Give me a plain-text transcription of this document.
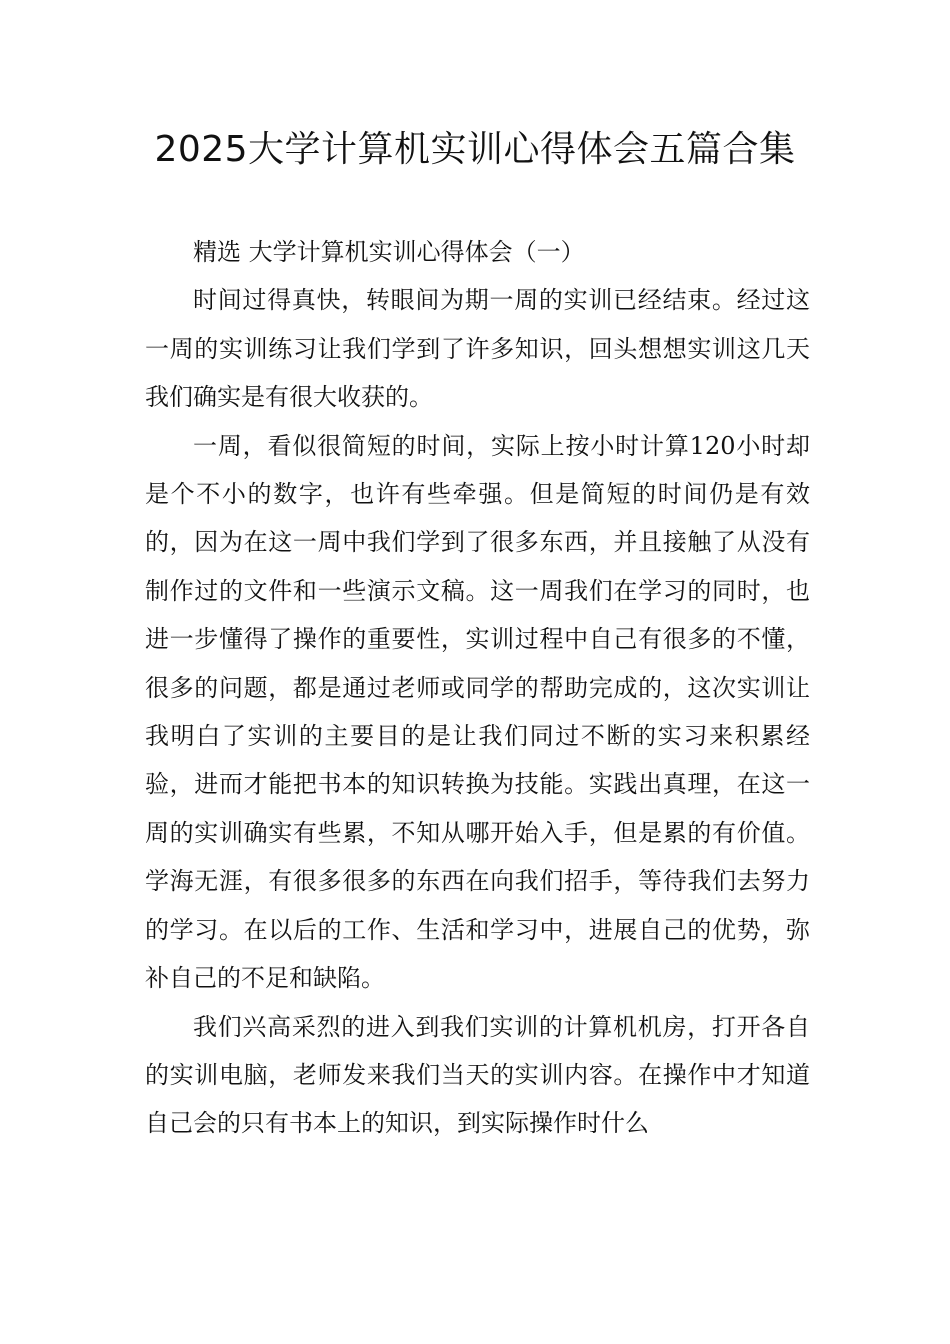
2025大学计算机实训心得体会五篇合集

精选 大学计算机实训心得体会（一）

时间过得真快，转眼间为期一周的实训已经结束。经过这一周的实训练习让我们学到了许多知识，回头想想实训这几天我们确实是有很大收获的。

一周，看似很简短的时间，实际上按小时计算120小时却是个不小的数字，也许有些牵强。但是简短的时间仍是有效的，因为在这一周中我们学到了很多东西，并且接触了从没有制作过的文件和一些演示文稿。这一周我们在学习的同时，也进一步懂得了操作的重要性，实训过程中自己有很多的不懂，很多的问题，都是通过老师或同学的帮助完成的，这次实训让我明白了实训的主要目的是让我们同过不断的实习来积累经验，进而才能把书本的知识转换为技能。实践出真理，在这一周的实训确实有些累，不知从哪开始入手，但是累的有价值。学海无涯，有很多很多的东西在向我们招手，等待我们去努力的学习。在以后的工作、生活和学习中，进展自己的优势，弥补自己的不足和缺陷。

我们兴高采烈的进入到我们实训的计算机机房，打开各自的实训电脑，老师发来我们当天的实训内容。在操作中才知道自己会的只有书本上的知识，到实际操作时什么
